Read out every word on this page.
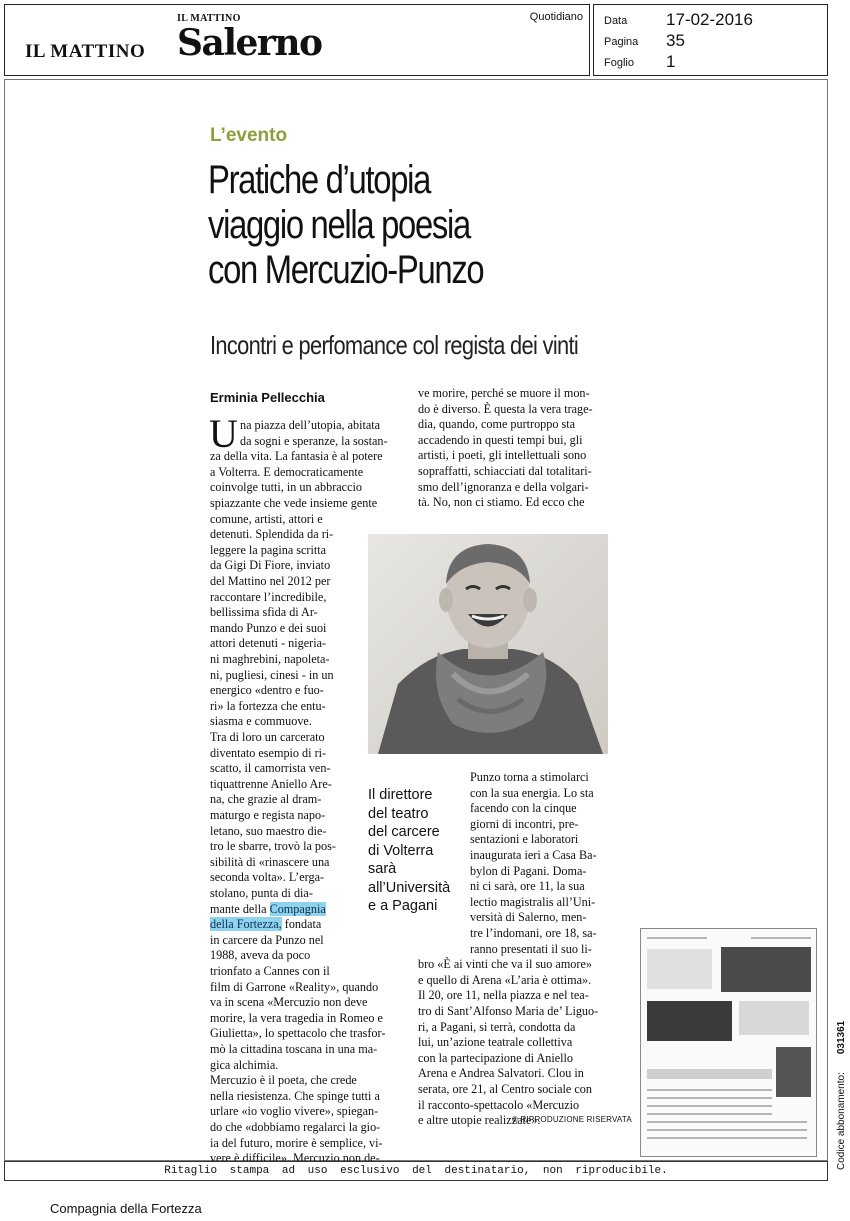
IL MATTINO
IL MATTINO Salerno
Quotidiano Data	17-02-2016
Pagina	35
Foglio	1
L’evento
Pratiche d’utopia
viaggio nella poesia
con Mercuzio-Punzo
Incontri e perfomance col regista dei vinti
Erminia Pellecchia
U na piazza dell’utopia, abitata
da sogni e speranze, la sostan-
za della vita. La fantasia è al potere
a Volterra. E democraticamente
coinvolge tutti, in un abbraccio
spiazzante che vede insieme gente
comune, artisti, attori e
detenuti. Splendida da ri-
leggere la pagina scritta
da Gigi Di Fiore, inviato
del Mattino nel 2012 per
raccontare l’incredibile,
bellissima sfida di Ar-
mando Punzo e dei suoi
attori detenuti - nigeria-
ni maghrebini, napoleta-
ni, pugliesi, cinesi - in un
energico «dentro e fuo-
ri» la fortezza che entu-
siasma e commuove.
Tra di loro un carcerato
diventato esempio di ri-
scatto, il camorrista ven-
tiquattrenne Aniello Are-
na, che grazie al dram-
maturgo e regista napo-
letano, suo maestro die-
tro le sbarre, trovò la pos-
sibilità di «rinascere una
seconda volta». L’erga-
stolano, punta di dia-
mante della Compagnia
della Fortezza, fondata
in carcere da Punzo nel
1988, aveva da poco
trionfato a Cannes con il
film di Garrone «Reality», quando
va in scena «Mercuzio non deve
morire, la vera tragedia in Romeo e
Giulietta», lo spettacolo che trasfor-
mò la cittadina toscana in una ma-
gica alchimia.
Mercuzio è il poeta, che crede
nella riesistenza. Che spinge tutti a
urlare «io voglio vivere», spiegan-
do che «dobbiamo regalarci la gio-
ia del futuro, morire è semplice, vi-
vere è difficile». Mercuzio non de-
ve morire, perché se muore il mon-
do è diverso. È questa la vera trage-
dia, quando, come purtroppo sta
accadendo in questi tempi bui, gli
artisti, i poeti, gli intellettuali sono
sopraffatti, schiacciati dal totalitari-
smo dell’ignoranza e della volgari-
tà. No, non ci stiamo. Ed ecco che
Punzo torna a stimolarci
con la sua energia. Lo sta
facendo con la cinque
giorni di incontri, pre-
sentazioni e laboratori
inaugurata ieri a Casa Ba-
bylon di Pagani. Doma-
ni ci sarà, ore 11, la sua
lectio magistralis all’Uni-
versità di Salerno, men-
tre l’indomani, ore 18, sa-
ranno presentati il suo li-
bro «È ai vinti che va il suo amore»
e quello di Arena «L’aria è ottima».
Il 20, ore 11, nella piazza e nel tea-
tro di Sant’Alfonso Maria de’ Liguo-
ri, a Pagani, si terrà, condotta da
lui, un’azione teatrale collettiva
con la partecipazione di Aniello
Arena e Andrea Salvatori. Clou in
serata, ore 21, al Centro sociale con
il racconto-spettacolo «Mercuzio
e altre utopie realizzate».
Il direttore
del teatro
del carcere
di Volterra
sarà
all’Università
e a Pagani
© RIPRODUZIONE RISERVATA
Ritaglio stampa ad uso esclusivo del destinatario, non riproducibile.
Compagnia della Fortezza
Codice abbonamento:
031361
